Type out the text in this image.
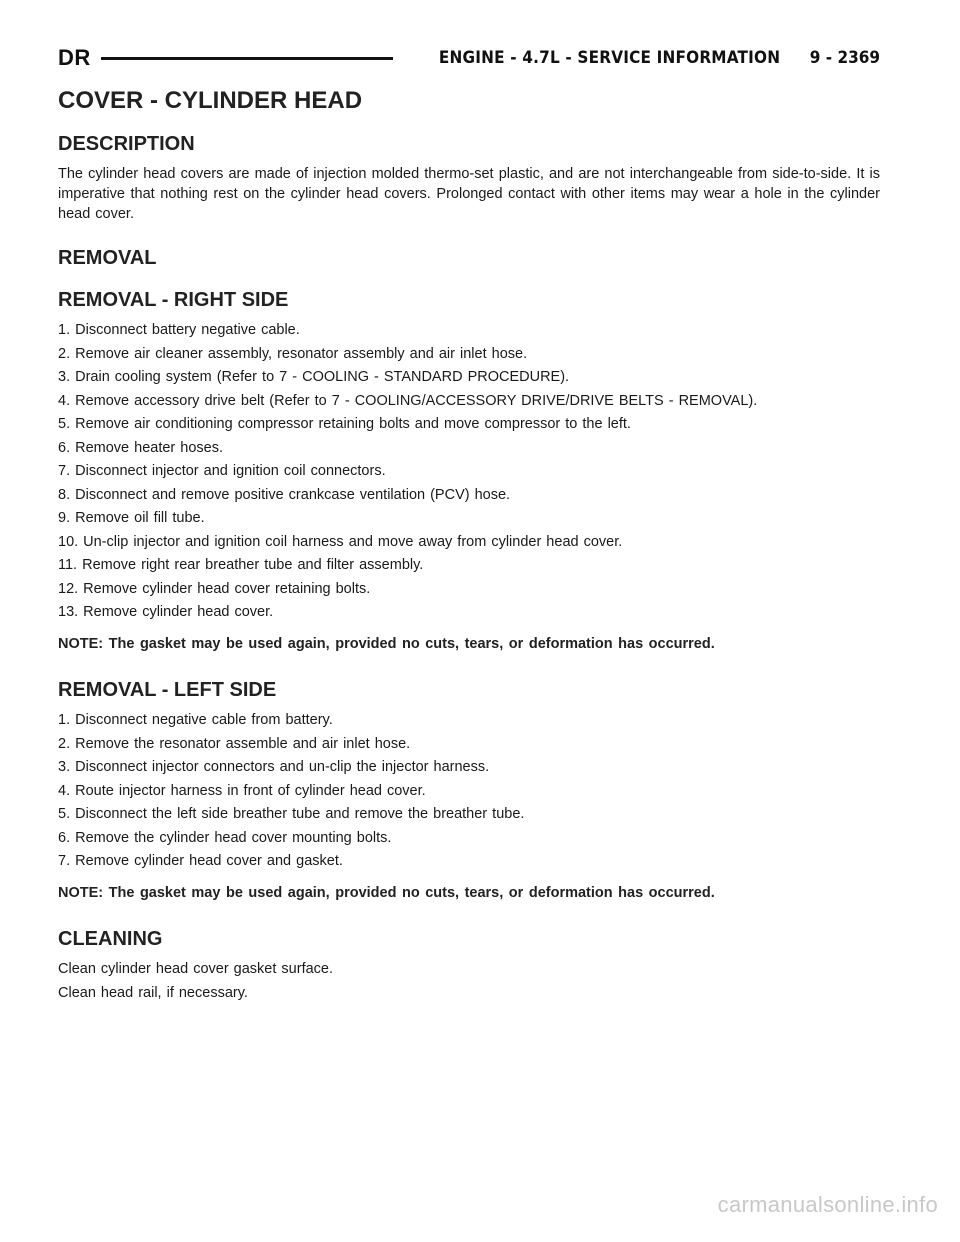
DR	ENGINE - 4.7L - SERVICE INFORMATION 9 - 2369
COVER - CYLINDER HEAD
DESCRIPTION

The cylinder head covers are made of injection molded thermo-set plastic, and are not interchangeable from side-to-side. It is imperative that nothing rest on the cylinder head covers. Prolonged contact with other items may wear a hole in the cylinder head cover.

REMOVAL
REMOVAL - RIGHT SIDE
1. Disconnect battery negative cable.
2. Remove air cleaner assembly, resonator assembly and air inlet hose.
3. Drain cooling system (Refer to 7 - COOLING - STANDARD PROCEDURE).
4. Remove accessory drive belt (Refer to 7 - COOLING/ACCESSORY DRIVE/DRIVE BELTS - REMOVAL).
5. Remove air conditioning compressor retaining bolts and move compressor to the left.
6. Remove heater hoses.
7. Disconnect injector and ignition coil connectors.
8. Disconnect and remove positive crankcase ventilation (PCV) hose.
9. Remove oil fill tube.
10. Un-clip injector and ignition coil harness and move away from cylinder head cover.
11. Remove right rear breather tube and filter assembly.
12. Remove cylinder head cover retaining bolts.
13. Remove cylinder head cover.
NOTE: The gasket may be used again, provided no cuts, tears, or deformation has occurred.
REMOVAL - LEFT SIDE
1. Disconnect negative cable from battery.
2. Remove the resonator assemble and air inlet hose.
3. Disconnect injector connectors and un-clip the injector harness.
4. Route injector harness in front of cylinder head cover.
5. Disconnect the left side breather tube and remove the breather tube.
6. Remove the cylinder head cover mounting bolts.
7. Remove cylinder head cover and gasket.
NOTE: The gasket may be used again, provided no cuts, tears, or deformation has occurred.
CLEANING
Clean cylinder head cover gasket surface.
Clean head rail, if necessary.
carmanualsonline.info
